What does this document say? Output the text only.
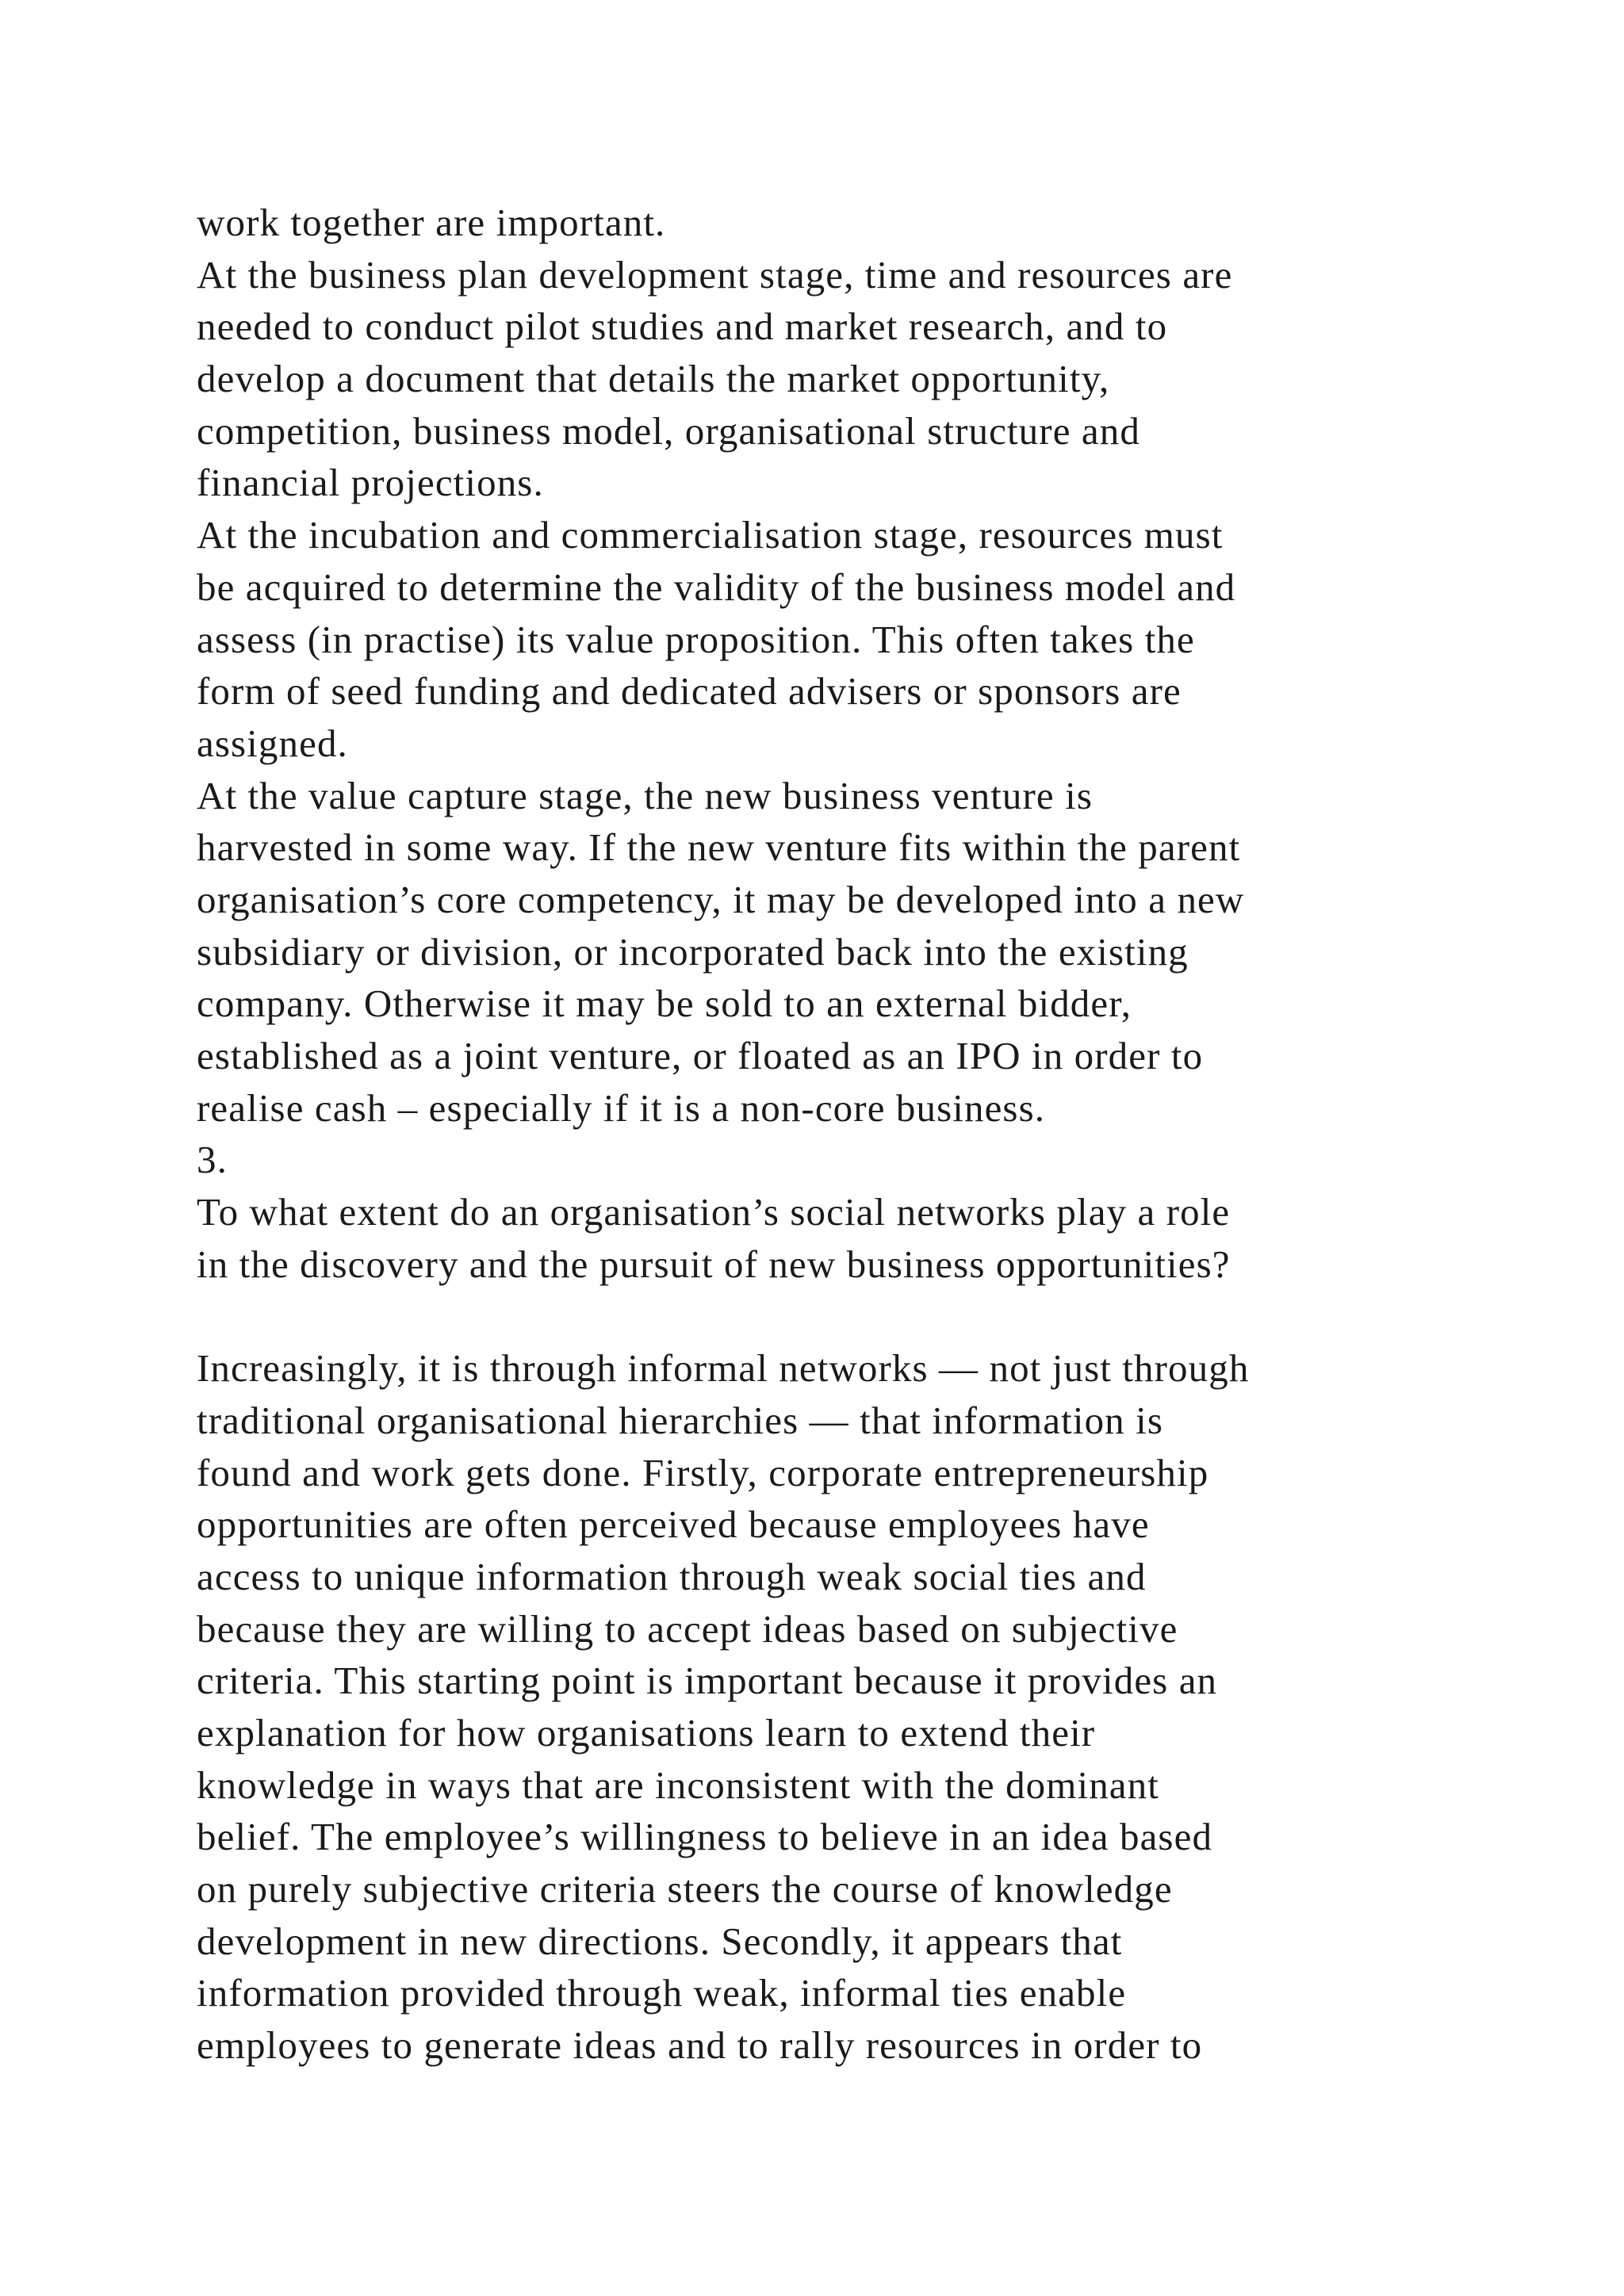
work together are important.
At the business plan development stage, time and resources are
needed to conduct pilot studies and market research, and to
develop a document that details the market opportunity,
competition, business model, organisational structure and
financial projections.
At the incubation and commercialisation stage, resources must
be acquired to determine the validity of the business model and
assess (in practise) its value proposition. This often takes the
form of seed funding and dedicated advisers or sponsors are
assigned.
At the value capture stage, the new business venture is
harvested in some way. If the new venture fits within the parent
organisation’s core competency, it may be developed into a new
subsidiary or division, or incorporated back into the existing
company. Otherwise it may be sold to an external bidder,
established as a joint venture, or floated as an IPO in order to
realise cash – especially if it is a non-core business.
3.
To what extent do an organisation’s social networks play a role
in the discovery and the pursuit of new business opportunities?
Increasingly, it is through informal networks — not just through
traditional organisational hierarchies — that information is
found and work gets done. Firstly, corporate entrepreneurship
opportunities are often perceived because employees have
access to unique information through weak social ties and
because they are willing to accept ideas based on subjective
criteria. This starting point is important because it provides an
explanation for how organisations learn to extend their
knowledge in ways that are inconsistent with the dominant
belief. The employee’s willingness to believe in an idea based
on purely subjective criteria steers the course of knowledge
development in new directions. Secondly, it appears that
information provided through weak, informal ties enable
employees to generate ideas and to rally resources in order to
